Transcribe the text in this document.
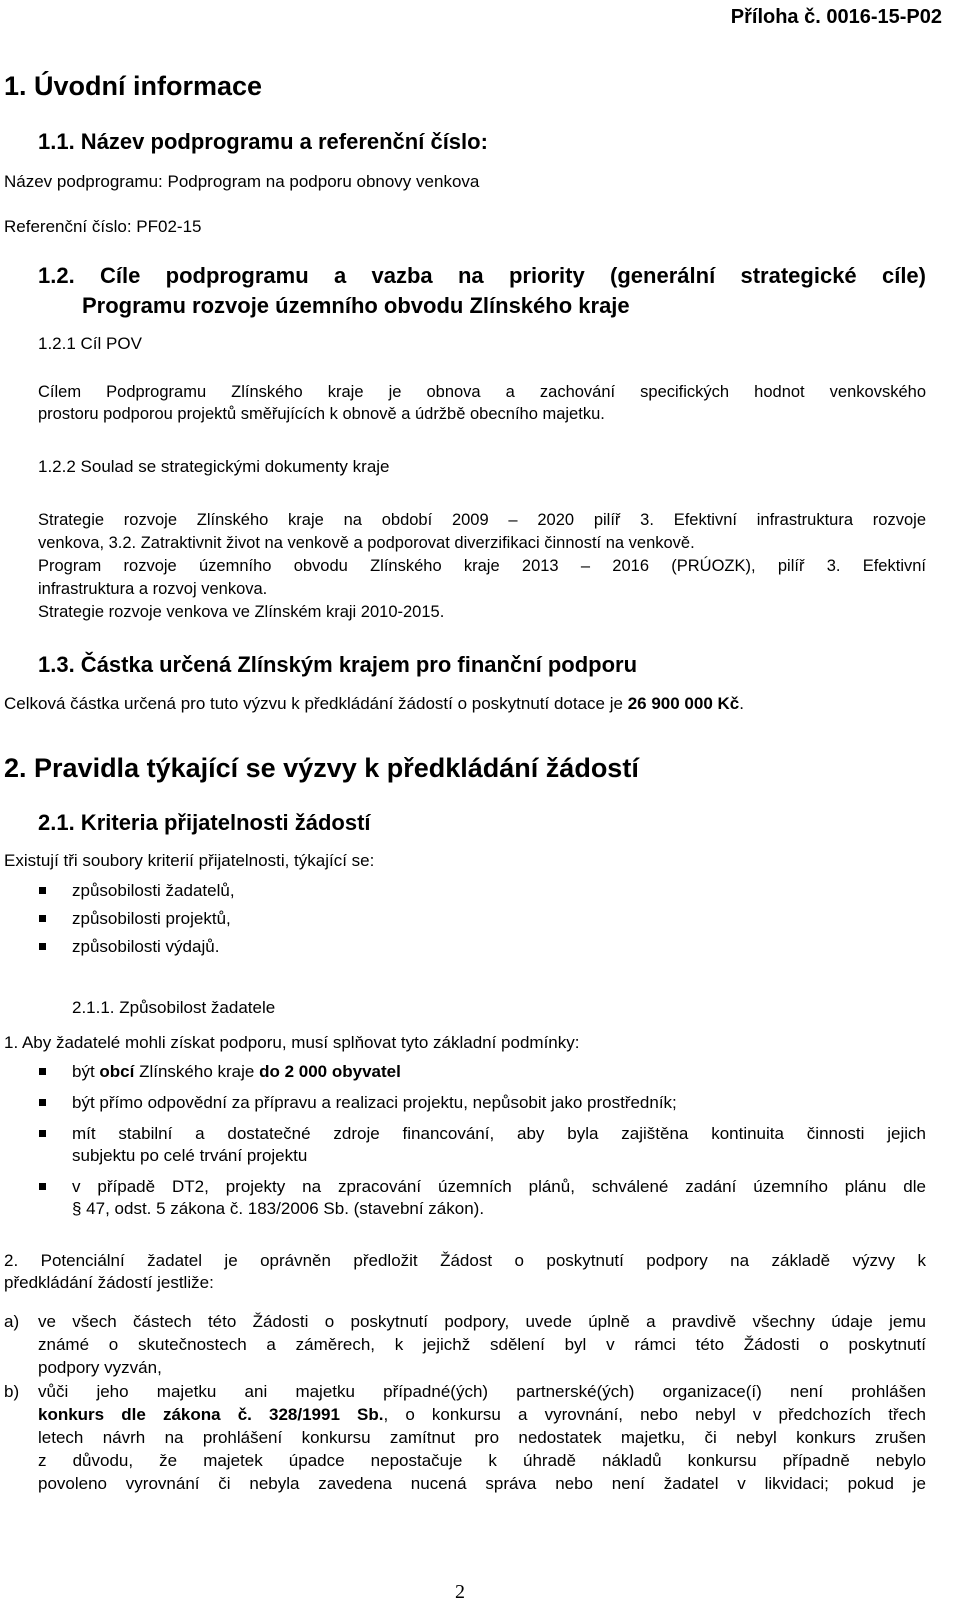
Příloha č. 0016-15-P02
1. Úvodní informace
1.1. Název podprogramu a referenční číslo:
Název podprogramu: Podprogram na podporu obnovy venkova
Referenční číslo: PF02-15
1.2. Cíle podprogramu a vazba na priority (generální strategické cíle)
Programu rozvoje územního obvodu Zlínského kraje
1.2.1 Cíl POV
Cílem Podprogramu Zlínského kraje je obnova a zachování specifických hodnot venkovského
prostoru podporou projektů směřujících k obnově a údržbě obecního majetku.
1.2.2 Soulad se strategickými dokumenty kraje
Strategie rozvoje Zlínského kraje na období 2009 – 2020 pilíř 3. Efektivní infrastruktura rozvoje
venkova, 3.2. Zatraktivnit život na venkově a podporovat diverzifikaci činností na venkově.
Program rozvoje územního obvodu Zlínského kraje 2013 – 2016 (PRÚOZK), pilíř 3. Efektivní
infrastruktura a rozvoj venkova.
Strategie rozvoje venkova ve Zlínském kraji 2010-2015.
1.3. Částka určená Zlínským krajem pro finanční podporu
Celková částka určená pro tuto výzvu k předkládání žádostí o poskytnutí dotace je 26 900 000 Kč.
2. Pravidla týkající se výzvy k předkládání žádostí
2.1. Kriteria přijatelnosti žádostí
Existují tři soubory kriterií přijatelnosti, týkající se:
způsobilosti žadatelů,
způsobilosti projektů,
způsobilosti výdajů.
2.1.1. Způsobilost žadatele
1. Aby žadatelé mohli získat podporu, musí splňovat tyto základní podmínky:
být obcí Zlínského kraje do 2 000 obyvatel
být přímo odpovědní za přípravu a realizaci projektu, nepůsobit jako prostředník;
mít stabilní a dostatečné zdroje financování, aby byla zajištěna kontinuita činnosti jejich
subjektu po celé trvání projektu
v případě DT2, projekty na zpracování územních plánů, schválené zadání územního plánu dle
§ 47, odst. 5 zákona č. 183/2006 Sb. (stavební zákon).
2. Potenciální žadatel je oprávněn předložit Žádost o poskytnutí podpory na základě výzvy k
předkládání žádostí jestliže:
a) ve všech částech této Žádosti o poskytnutí podpory, uvede úplně a pravdivě všechny údaje jemu
známé o skutečnostech a záměrech, k jejichž sdělení byl v rámci této Žádosti o poskytnutí
podpory vyzván,
b) vůči jeho majetku ani majetku případné(ých) partnerské(ých) organizace(í) není prohlášen
konkurs dle zákona č. 328/1991 Sb., o konkursu a vyrovnání, nebo nebyl v předchozích třech
letech návrh na prohlášení konkursu zamítnut pro nedostatek majetku, či nebyl konkurs zrušen
z důvodu, že majetek úpadce nepostačuje k úhradě nákladů konkursu případně nebylo
povoleno vyrovnání či nebyla zavedena nucená správa nebo není žadatel v likvidaci; pokud je
2
